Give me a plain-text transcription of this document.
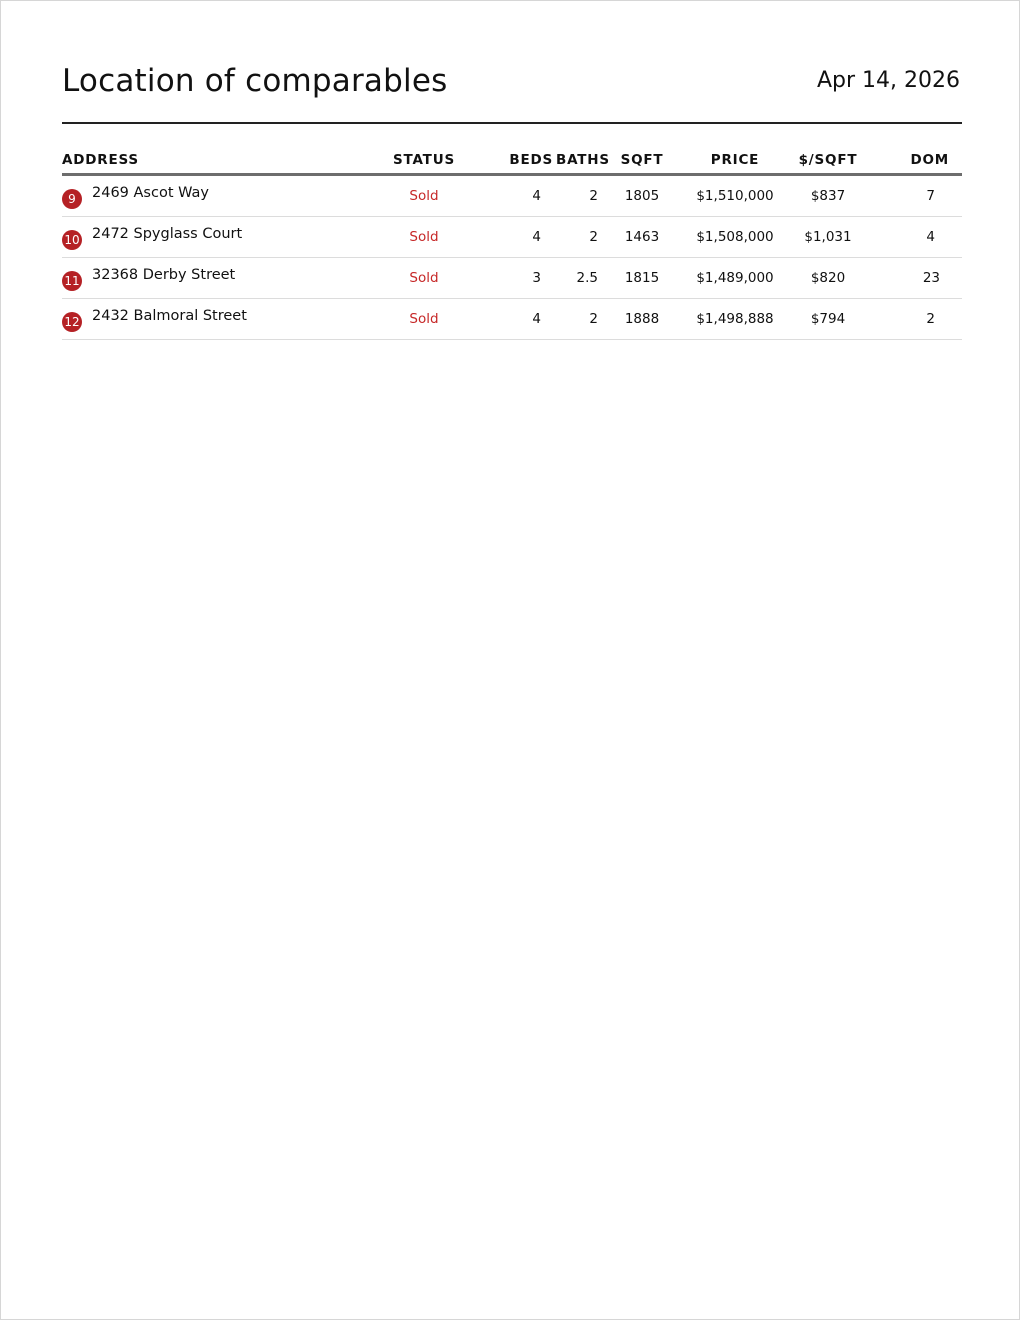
Location of comparables	Apr 14, 2026
ADDRESS	STATUS	BEDS	BATHS	SQFT	PRICE	$/SQFT	DOM

9 2469 Ascot Way	Sold	4	2	1805	$1,510,000	$837	7

10 2472 Spyglass Court	Sold	4	2	1463	$1,508,000	$1,031	4

11 32368 Derby Street	Sold	3	2.5	1815	$1,489,000	$820	23

12 2432 Balmoral Street	Sold	4	2	1888	$1,498,888	$794	2
